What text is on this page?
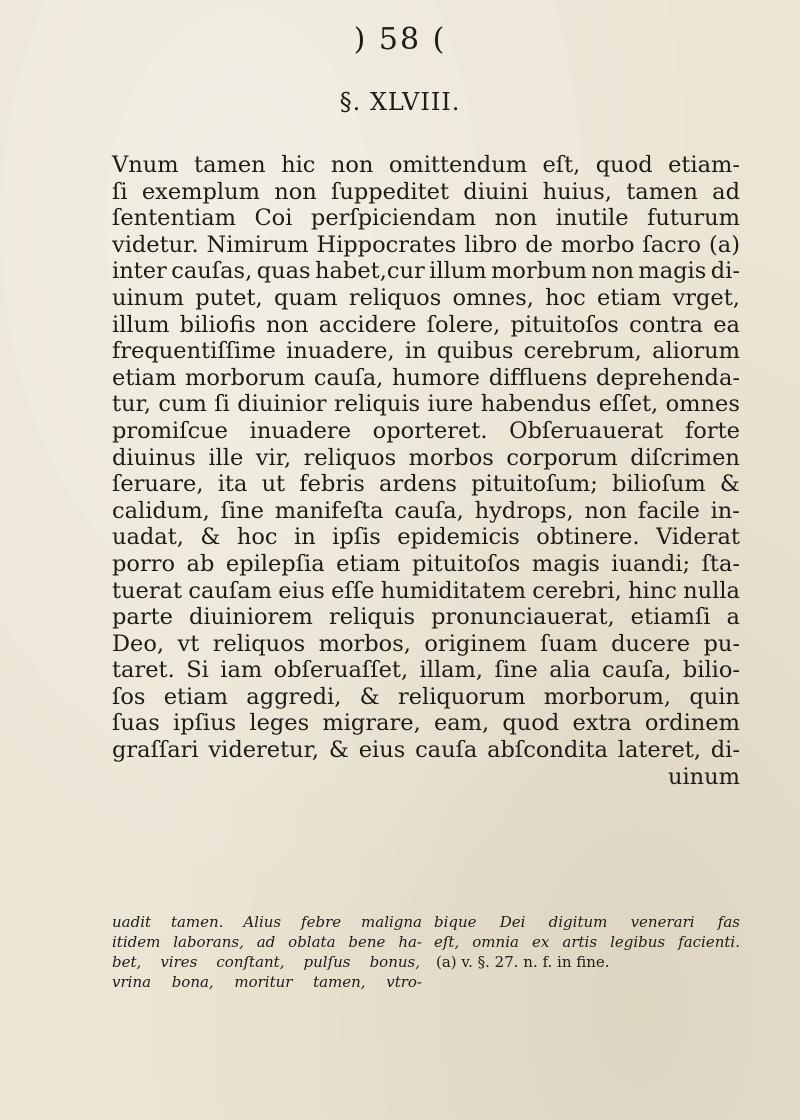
) 58 (
§. XLVIII.
Vnum tamen hic non omittendum eſt, quod etiam-
ſi exemplum non ſuppeditet diuini huius, tamen ad
ſententiam Coi perſpiciendam non inutile futurum
videtur. Nimirum Hippocrates libro de morbo ſacro (a)
inter cauſas, quas habet,cur illum morbum non magis di-
uinum putet, quam reliquos omnes, hoc etiam vrget,
illum biliofis non accidere ſolere, pituitoſos contra ea
frequentiſſime inuadere, in quibus cerebrum, aliorum
etiam morborum cauſa, humore diffluens deprehenda-
tur, cum ſi diuinior reliquis iure habendus eſſet, omnes
promiſcue inuadere oporteret. Obſeruauerat forte
diuinus ille vir, reliquos morbos corporum diſcrimen
ſeruare, ita ut febris ardens pituitoſum; bilioſum &
calidum, ſine manifeſta cauſa, hydrops, non facile in-
uadat, & hoc in ipſis epidemicis obtinere. Viderat
porro ab epilepſia etiam pituitoſos magis iuandi; ſta-
tuerat cauſam eius eſſe humiditatem cerebri, hinc nulla
parte diuiniorem reliquis pronunciauerat, etiamſi a
Deo, vt reliquos morbos, originem ſuam ducere pu-
taret. Si iam obſeruaſſet, illam, ſine alia cauſa, bilio-
ſos etiam aggredi, & reliquorum morborum, quin
ſuas ipſius leges migrare, eam, quod extra ordinem
graſſari videretur, & eius cauſa abſcondita lateret, di-
uinum
uadit tamen. Alius febre maligna bique Dei digitum venerari fas
itidem laborans, ad oblata bene ha- eſt, omnia ex artis legibus facienti.
bet, vires conſtant, pulſus bonus, (a) v. §. 27. n. f. in fine.
vrina bona, moritur tamen, vtro-
